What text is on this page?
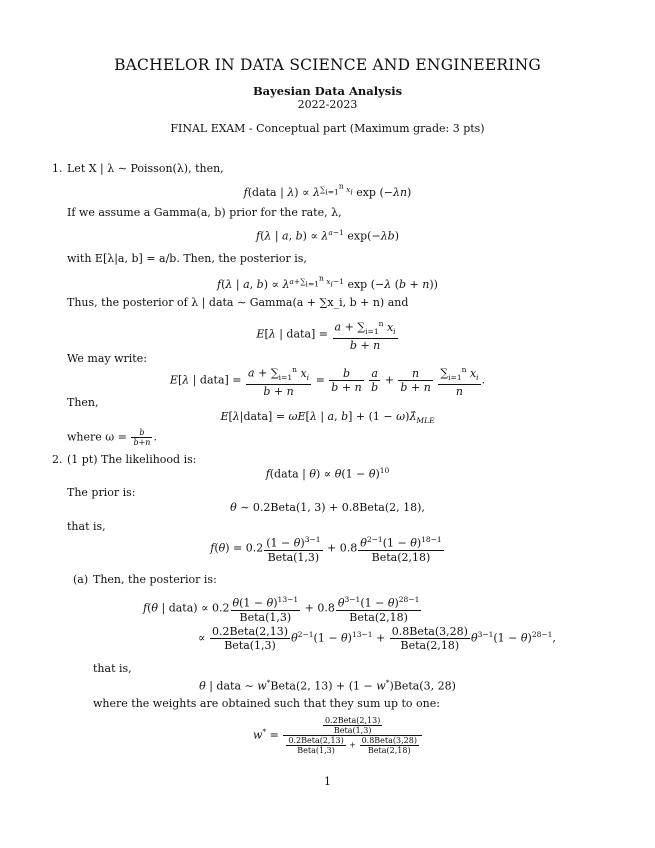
BACHELOR IN DATA SCIENCE AND ENGINEERING
Bayesian Data Analysis
2022-2023
FINAL EXAM - Conceptual part (Maximum grade: 3 pts)
1. Let X | λ ∼ Poisson(λ), then,
f(data | $\lambda) \propto \lambda^{\sum_{i=1}^n x_i}$ exp (−λn)
If we assume a Gamma(a, b) prior for the rate, λ,
f(λ | a, $b) \propto \lambda^{a-1}$ exp(−λb)
with E[λ|a, b] = a/b. Then, the posterior is,
f(λ | a, $b) \propto \lambda^{a+\sum_{i=1}^n x_i-1}$ exp (−λ (b + n))
Thus, the posterior of λ | data ∼ Gamma(a + ∑x_i, b + n) and
E[λ | data] = $\frac{a + \sum_{i=1}^n x_i}{b + n}$
We may write:
E[λ | data] = $\frac{a + \sum_{i=1}^n x_i}{b + n} = \frac{b}{b + n}$
$\frac{a}{b} + \frac{n}{b + n}$
$\frac{\sum_{i=1}^n x_i}{n}$ .
Then,
E[λ|data] = ωE[λ | a, $b] + (1 - \omega)\lambdâ_{MLE}$
where $\omega = \frac{b}{b+n}$ .
2. (1 pt) The likelihood is:
f(data | $\theta) \propto \theta(1 - \theta)^{10}$
The prior is:
θ ∼ 0.2Beta(1, 3) + 0.8Beta(2, 18),
that is,
$f(\theta) = 0.2 \frac{(1 - \theta)^{3-1}}{\text{Beta(1,3)}} + 0.8 \frac{\theta^{2-1}(1 - \theta)^{18-1}}{\text{Beta(2,18)}}$
(a) Then, the posterior is:
f(θ | data) ∝ $0.2 \frac{\theta(1 - \theta)^{13-1}}{\text{Beta(1,3)}} + 0.8 \frac{\theta^{3-1}(1 - \theta)^{28-1}}{\text{Beta(2,18)}}$
∝ $\frac{\text{0.2Beta(2,13)}}{\text{Beta(1,3)}} \theta^{2-1}(1 - \theta)^{13-1} + \frac{\text{0.8Beta(3,28)}}{\text{Beta(2,18)}} \theta^{3-1}(1 - \theta)^{28-1}$,
that is,
θ | data ∼ w*Beta(2, 13) + (1 − w*)Beta(3, 28)
where the weights are obtained such that they sum up to one:
w* =	$\frac{\text{0.2Beta(2,13)}}{\text{Beta(1,3)}}$
$\frac{\text{0.2Beta(2,13)}}{\text{Beta(1,3)}} + \frac{\text{0.8Beta(3,28)}}{\text{Beta(2,18)}}$
1
